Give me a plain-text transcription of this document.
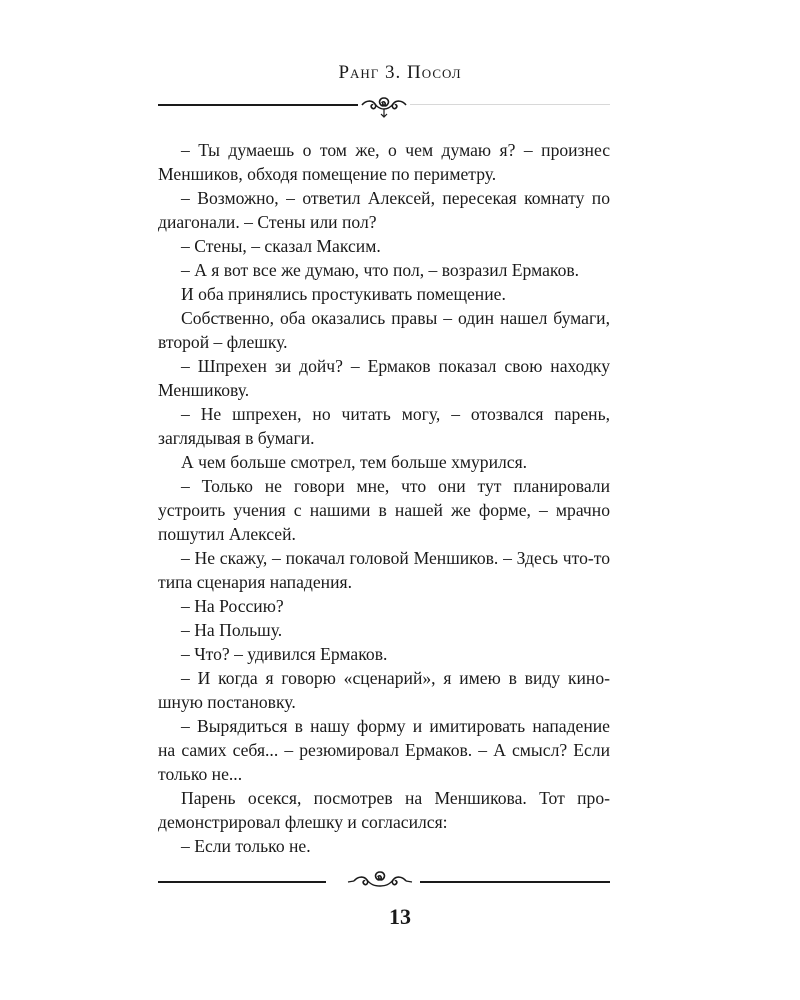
Ранг 3. Посол

– Ты думаешь о том же, о чем думаю я? – произнес Меншиков, обходя помещение по периметру.

– Возможно, – ответил Алексей, пересекая комнату по диагонали. – Стены или пол?

– Стены, – сказал Максим.

– А я вот все же думаю, что пол, – возразил Ермаков.

И оба принялись простукивать помещение.

Собственно, оба оказались правы – один нашел бумаги, второй – флешку.

– Шпрехен зи дойч? – Ермаков показал свою находку Меншикову.

– Не шпрехен, но читать могу, – отозвался парень, заглядывая в бумаги.

А чем больше смотрел, тем больше хмурился.

– Только не говори мне, что они тут планировали устроить учения с нашими в нашей же форме, – мрачно пошутил Алексей.

– Не скажу, – покачал головой Меншиков. – Здесь что-то типа сценария нападения.

– На Россию?

– На Польшу.

– Что? – удивился Ермаков.

– И когда я говорю «сценарий», я имею в виду киношную постановку.

– Вырядиться в нашу форму и имитировать нападение на самих себя... – резюмировал Ермаков. – А смысл? Если только не...

Парень осекся, посмотрев на Меншикова. Тот продемонстрировал флешку и согласился:

– Если только не.

13
